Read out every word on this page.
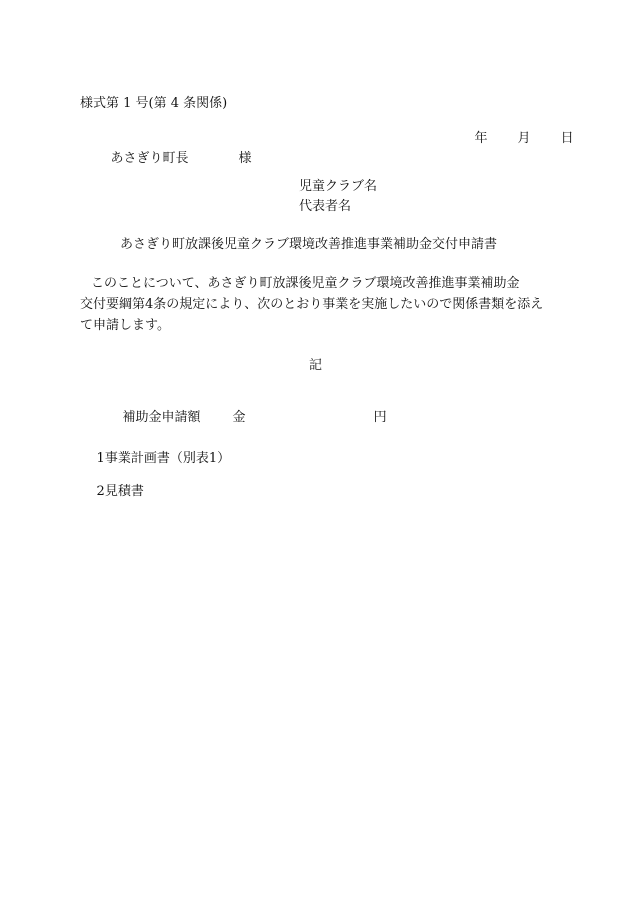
様式第 1 号(第 4 条関係)

年 月 日

あさぎり町長	様

児童クラブ名
代表者名
あさぎり町放課後児童クラブ環境改善推進事業補助金交付申請書
このことについて、あさぎり町放課後児童クラブ環境改善推進事業補助金
交付要綱第4条の規定により、次のとおり事業を実施したいので関係書類を添え
て申請します。
記

補助金申請額 金	円

1事業計画書（別表1）

2見積書
